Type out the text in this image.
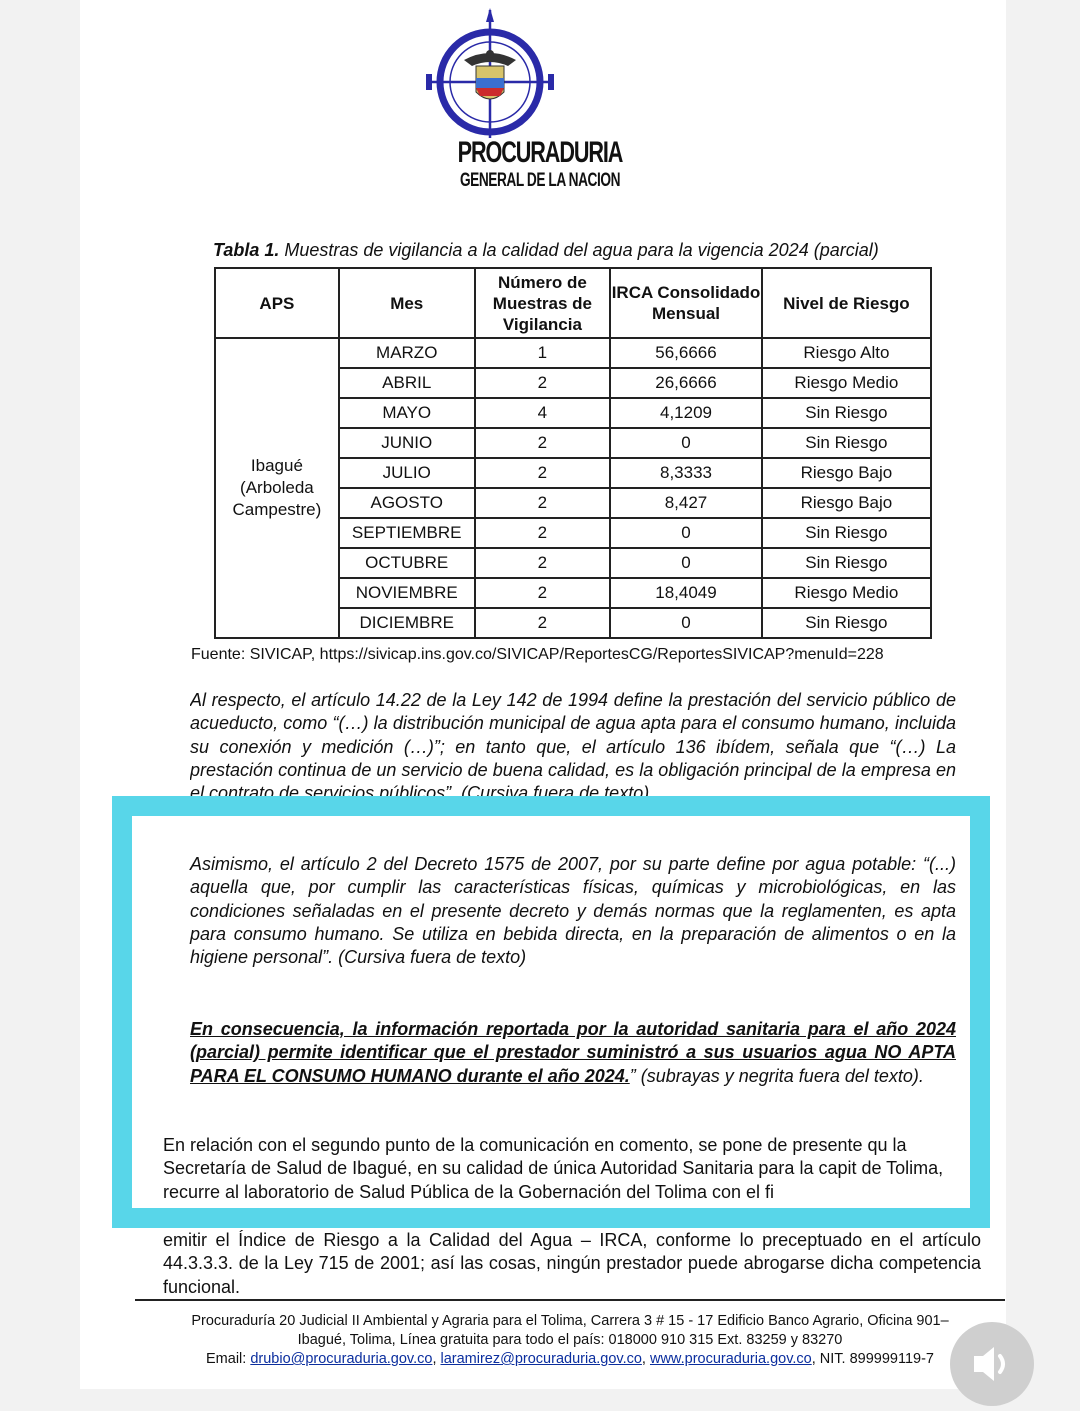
PROCURADURIA
GENERAL DE LA NACION
Tabla 1. Muestras de vigilancia a la calidad del agua para la vigencia 2024 (parcial)
APS	Mes	Número de Muestras de Vigilancia	IRCA Consolidado Mensual	Nivel de Riesgo
Ibagué (Arboleda Campestre)	MARZO	1	56,6666	Riesgo Alto
	ABRIL	2	26,6666	Riesgo Medio
	MAYO	4	4,1209	Sin Riesgo
	JUNIO	2	0	Sin Riesgo
	JULIO	2	8,3333	Riesgo Bajo
	AGOSTO	2	8,427	Riesgo Bajo
	SEPTIEMBRE	2	0	Sin Riesgo
	OCTUBRE	2	0	Sin Riesgo
	NOVIEMBRE	2	18,4049	Riesgo Medio
	DICIEMBRE	2	0	Sin Riesgo
Fuente: SIVICAP, https://sivicap.ins.gov.co/SIVICAP/ReportesCG/ReportesSIVICAP?menuId=228
Al respecto, el artículo 14.22 de la Ley 142 de 1994 define la prestación del servicio público de acueducto, como “(…) la distribución municipal de agua apta para el consumo humano, incluida su conexión y medición (…)”; en tanto que, el artículo 136 ibídem, señala que “(…) La prestación continua de un servicio de buena calidad, es la obligación principal de la empresa en el contrato de servicios públicos”. (Cursiva fuera de texto)
Asimismo, el artículo 2 del Decreto 1575 de 2007, por su parte define por agua potable: “(...) aquella que, por cumplir las características físicas, químicas y microbiológicas, en las condiciones señaladas en el presente decreto y demás normas que la reglamenten, es apta para consumo humano. Se utiliza en bebida directa, en la preparación de alimentos o en la higiene personal”. (Cursiva fuera de texto)
En consecuencia, la información reportada por la autoridad sanitaria para el año 2024 (parcial) permite identificar que el prestador suministró a sus usuarios agua NO APTA PARA EL CONSUMO HUMANO durante el año 2024.” (subrayas y negrita fuera del texto).
En relación con el segundo punto de la comunicación en comento, se pone de presente qu la Secretaría de Salud de Ibagué, en su calidad de única Autoridad Sanitaria para la capit de Tolima, recurre al laboratorio de Salud Pública de la Gobernación del Tolima con el fi
emitir el Índice de Riesgo a la Calidad del Agua – IRCA, conforme lo preceptuado en el artículo 44.3.3.3. de la Ley 715 de 2001; así las cosas, ningún prestador puede abrogarse dicha competencia funcional.
Procuraduría 20 Judicial II Ambiental y Agraria para el Tolima, Carrera 3 # 15 - 17 Edificio Banco Agrario, Oficina 901–
Ibagué, Tolima, Línea gratuita para todo el país: 018000 910 315 Ext. 83259 y 83270
Email: drubio@procuraduria.gov.co, laramirez@procuraduria.gov.co, www.procuraduria.gov.co, NIT. 899999119-7
